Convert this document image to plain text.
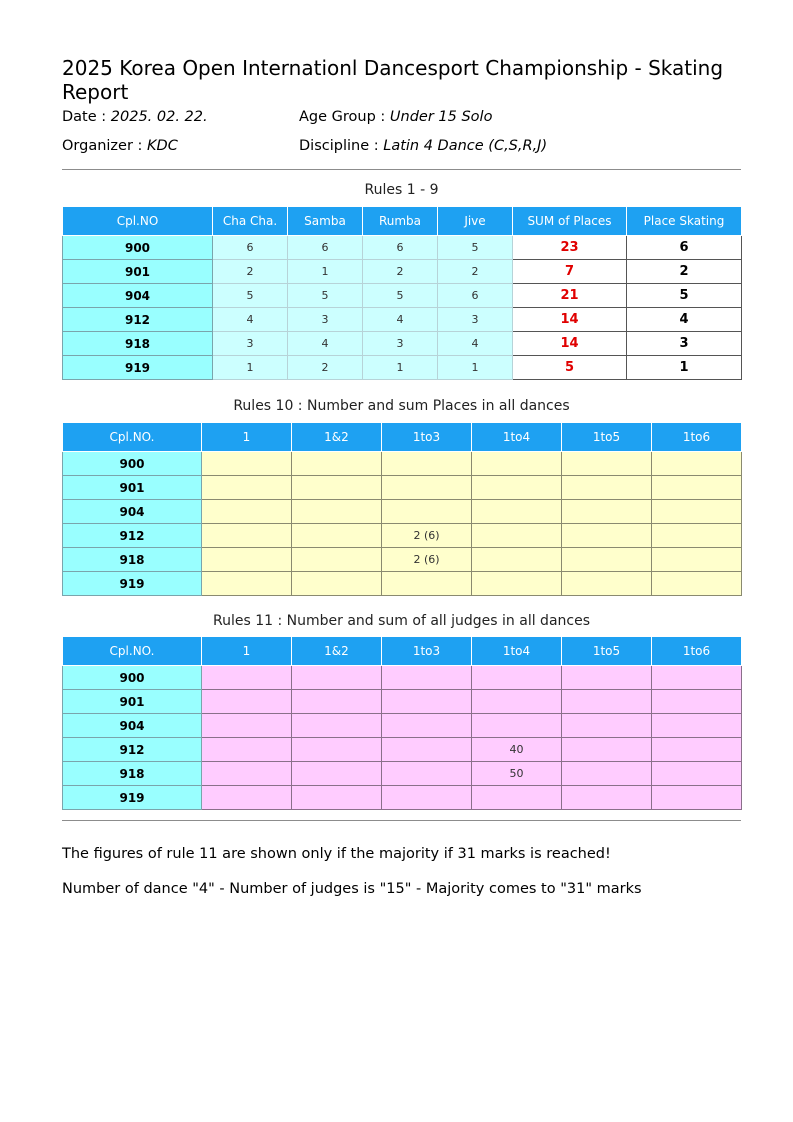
2025 Korea Open Internationl Dancesport Championship - Skating Report
Date : 2025. 02. 22.	Age Group : Under 15 Solo
Organizer : KDC	Discipline : Latin 4 Dance (C,S,R,J)
Rules 1 - 9
Cpl.NO	Cha Cha.	Samba	Rumba	Jive	SUM of Places	Place Skating
900	6	6	6	5	23	6
901	2	1	2	2	7	2
904	5	5	5	6	21	5
912	4	3	4	3	14	4
918	3	4	3	4	14	3
919	1	2	1	1	5	1
Rules 10 : Number and sum Places in all dances
Cpl.NO.	1	1&2	1to3	1to4	1to5	1to6
900						
901						
904						
912			2 (6)			
918			2 (6)			
919						
Rules 11 : Number and sum of all judges in all dances
Cpl.NO.	1	1&2	1to3	1to4	1to5	1to6
900						
901						
904						
912				40		
918				50		
919						
The figures of rule 11 are shown only if the majority if 31 marks is reached!
Number of dance "4" - Number of judges is "15" - Majority comes to "31" marks
